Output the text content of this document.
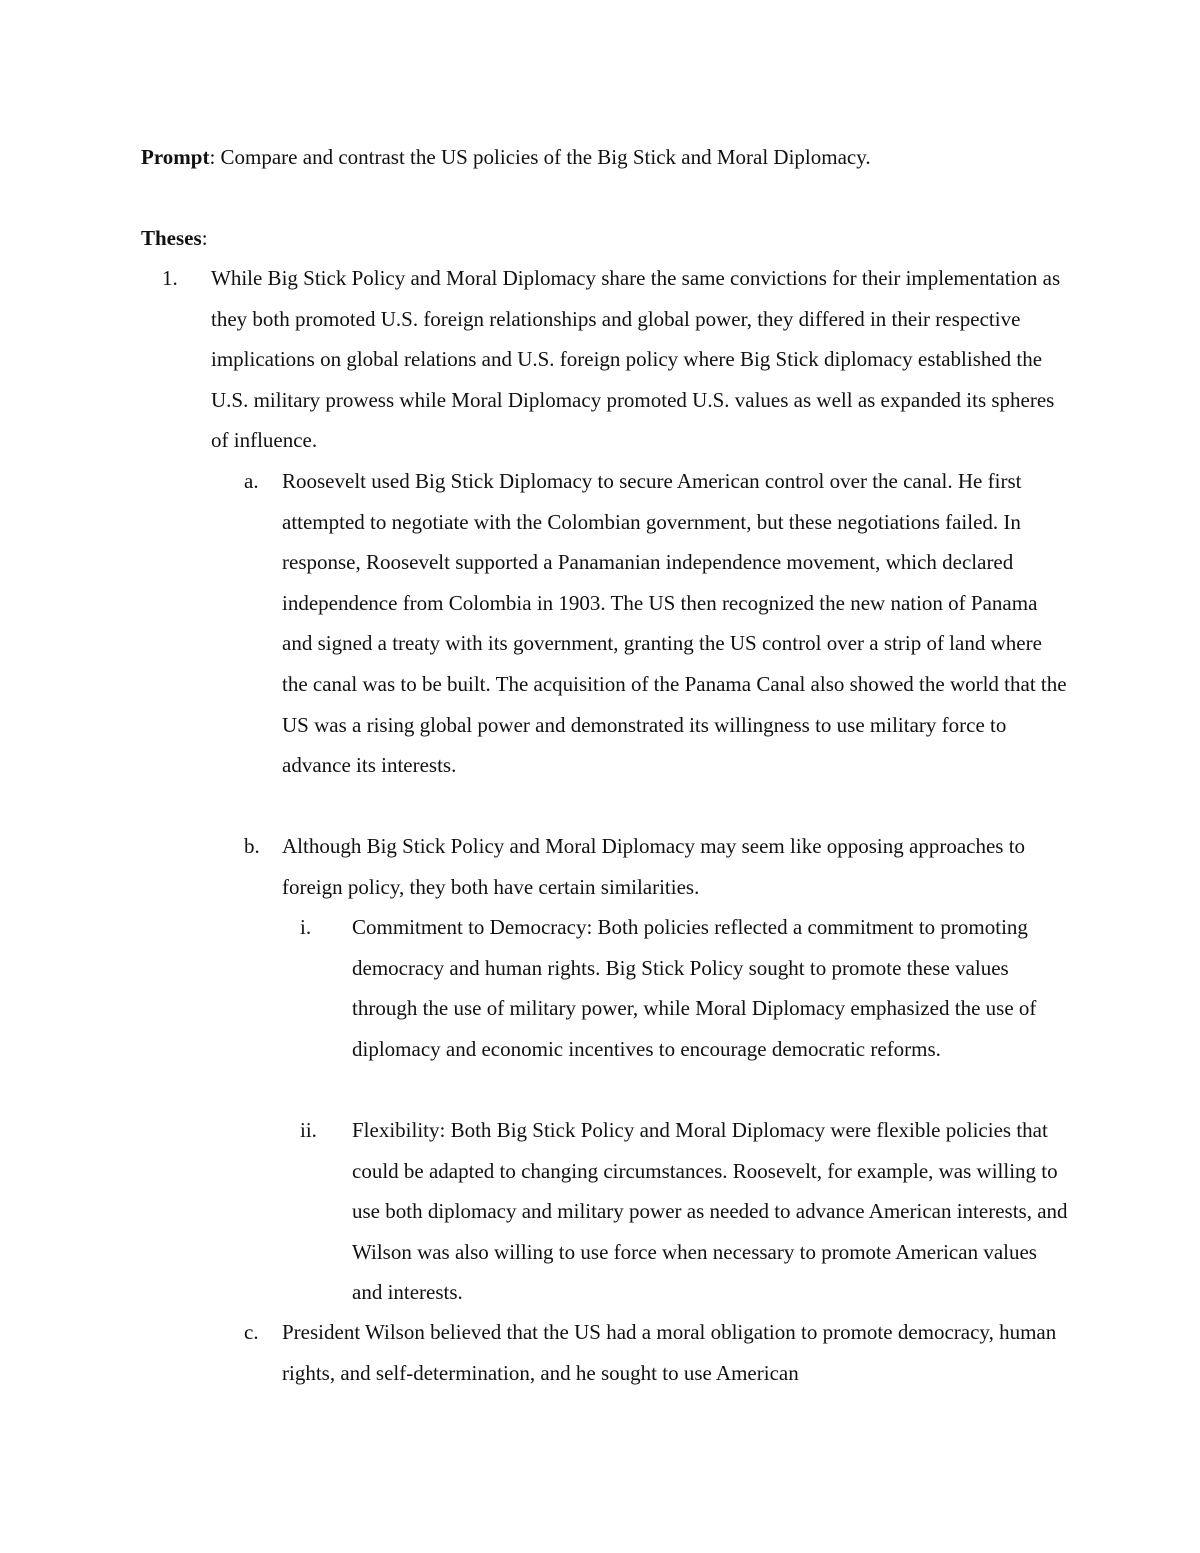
Prompt: Compare and contrast the US policies of the Big Stick and Moral Diplomacy.
Theses:
1.	While Big Stick Policy and Moral Diplomacy share the same convictions for their implementation as they both promoted U.S. foreign relationships and global power, they differed in their respective implications on global relations and U.S. foreign policy where Big Stick diplomacy established the U.S. military prowess while Moral Diplomacy promoted U.S. values as well as expanded its spheres of influence.
a.	Roosevelt used Big Stick Diplomacy to secure American control over the canal. He first attempted to negotiate with the Colombian government, but these negotiations failed. In response, Roosevelt supported a Panamanian independence movement, which declared independence from Colombia in 1903. The US then recognized the new nation of Panama and signed a treaty with its government, granting the US control over a strip of land where the canal was to be built. The acquisition of the Panama Canal also showed the world that the US was a rising global power and demonstrated its willingness to use military force to advance its interests.
b.	Although Big Stick Policy and Moral Diplomacy may seem like opposing approaches to foreign policy, they both have certain similarities.
i.	Commitment to Democracy: Both policies reflected a commitment to promoting democracy and human rights. Big Stick Policy sought to promote these values through the use of military power, while Moral Diplomacy emphasized the use of diplomacy and economic incentives to encourage democratic reforms.
ii.	Flexibility: Both Big Stick Policy and Moral Diplomacy were flexible policies that could be adapted to changing circumstances. Roosevelt, for example, was willing to use both diplomacy and military power as needed to advance American interests, and Wilson was also willing to use force when necessary to promote American values and interests.
c.	President Wilson believed that the US had a moral obligation to promote democracy, human rights, and self-determination, and he sought to use American
